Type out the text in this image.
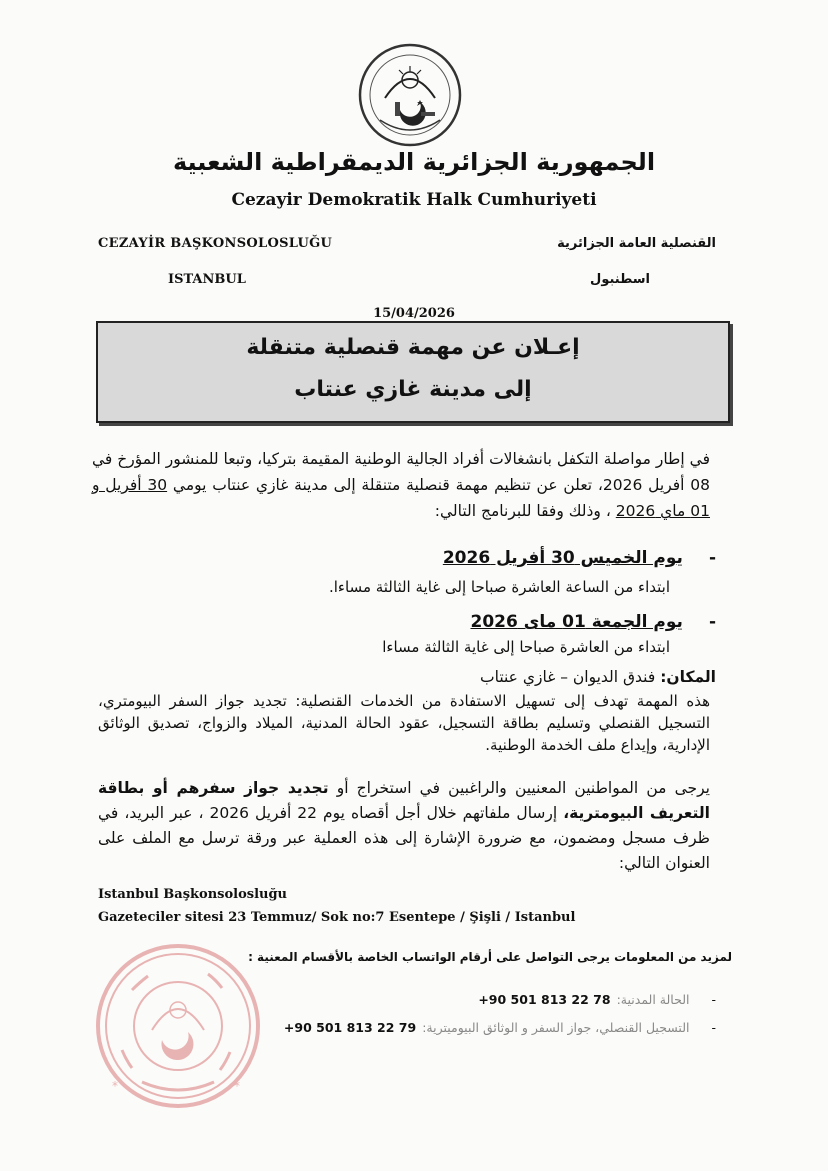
الجمهورية الجزائرية الديمقراطية الشعبية
Cezayir Demokratik Halk Cumhuriyeti
CEZAYİR BAŞKONSOLOSLUĞU
ISTANBUL
القنصلية العامة الجزائرية
اسطنبول
15/04/2026
إعـلان عن مهمة قنصلية متنقلة
إلى مدينة غازي عنتاب
في إطار مواصلة التكفل بانشغالات أفراد الجالية الوطنية المقيمة بتركيا، وتبعا للمنشور المؤرخ في 08 أفريل 2026، تعلن عن تنظيم مهمة قنصلية متنقلة إلى مدينة غازي عنتاب يومي 30 أفريل و 01 ماي 2026 ، وذلك وفقا للبرنامج التالي:
-يوم الخميس 30 أفريل 2026
ابتداء من الساعة العاشرة صباحا إلى غاية الثالثة مساءا.
-يوم الجمعة 01 ماى 2026
ابتداء من العاشرة صباحا إلى غاية الثالثة مساءا
المكان: فندق الديوان – غازي عنتاب
هذه المهمة تهدف إلى تسهيل الاستفادة من الخدمات القنصلية: تجديد جواز السفر البيومتري، التسجيل القنصلي وتسليم بطاقة التسجيل، عقود الحالة المدنية، الميلاد والزواج، تصديق الوثائق الإدارية، وإيداع ملف الخدمة الوطنية.
يرجى من المواطنين المعنيين والراغبين في استخراج أو تجديد جواز سفرهم أو بطاقة التعريف البيومترية، إرسال ملفاتهم خلال أجل أقصاه يوم 22 أفريل 2026 ، عبر البريد، في ظرف مسجل ومضمون، مع ضرورة الإشارة إلى هذه العملية عبر ورقة ترسل مع الملف على العنوان التالي:
Istanbul Başkonsolosluğu
Gazeteciler sitesi 23 Temmuz/ Sok no:7 Esentepe / Şişli / Istanbul
لمزيد من المعلومات يرجى التواصل على أرقام الواتساب الخاصة بالأقسام المعنية :
-الحالة المدنية:+90 501 813 22 78
-التسجيل القنصلي، جواز السفر و الوثائق البيوميترية:+90 501 813 22 79
*	*
